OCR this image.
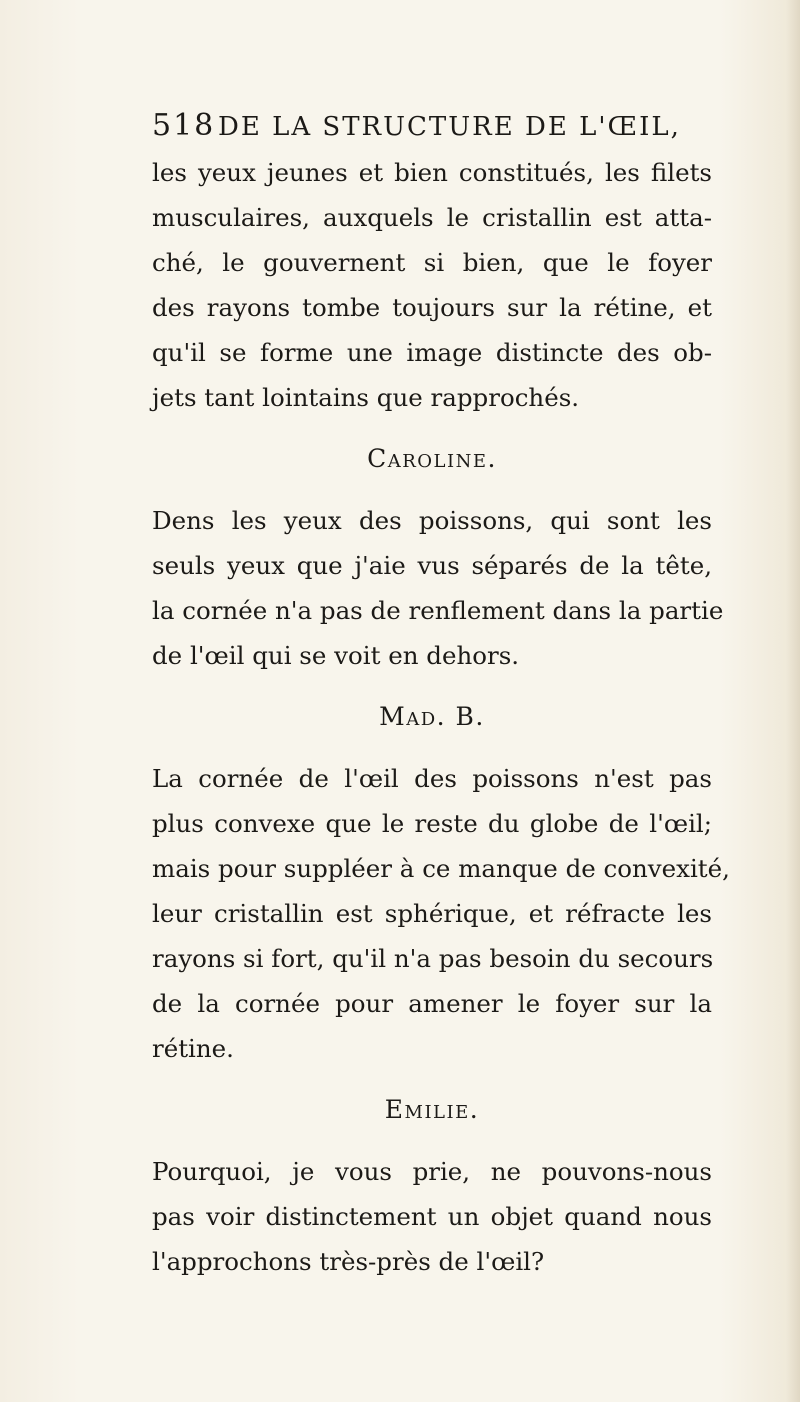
518 DE LA STRUCTURE DE L'ŒIL,
les yeux jeunes et bien constitués, les filets
musculaires, auxquels le cristallin est atta-
ché, le gouvernent si bien, que le foyer
des rayons tombe toujours sur la rétine, et
qu'il se forme une image distincte des ob-
jets tant lointains que rapprochés.
Caroline.
Dens les yeux des poissons, qui sont les
seuls yeux que j'aie vus séparés de la tête,
la cornée n'a pas de renflement dans la partie
de l'œil qui se voit en dehors.
Mad. B.
La cornée de l'œil des poissons n'est pas
plus convexe que le reste du globe de l'œil;
mais pour suppléer à ce manque de convexité,
leur cristallin est sphérique, et réfracte les
rayons si fort, qu'il n'a pas besoin du secours
de la cornée pour amener le foyer sur la
rétine.
Emilie.
Pourquoi, je vous prie, ne pouvons-nous
pas voir distinctement un objet quand nous
l'approchons très-près de l'œil?
